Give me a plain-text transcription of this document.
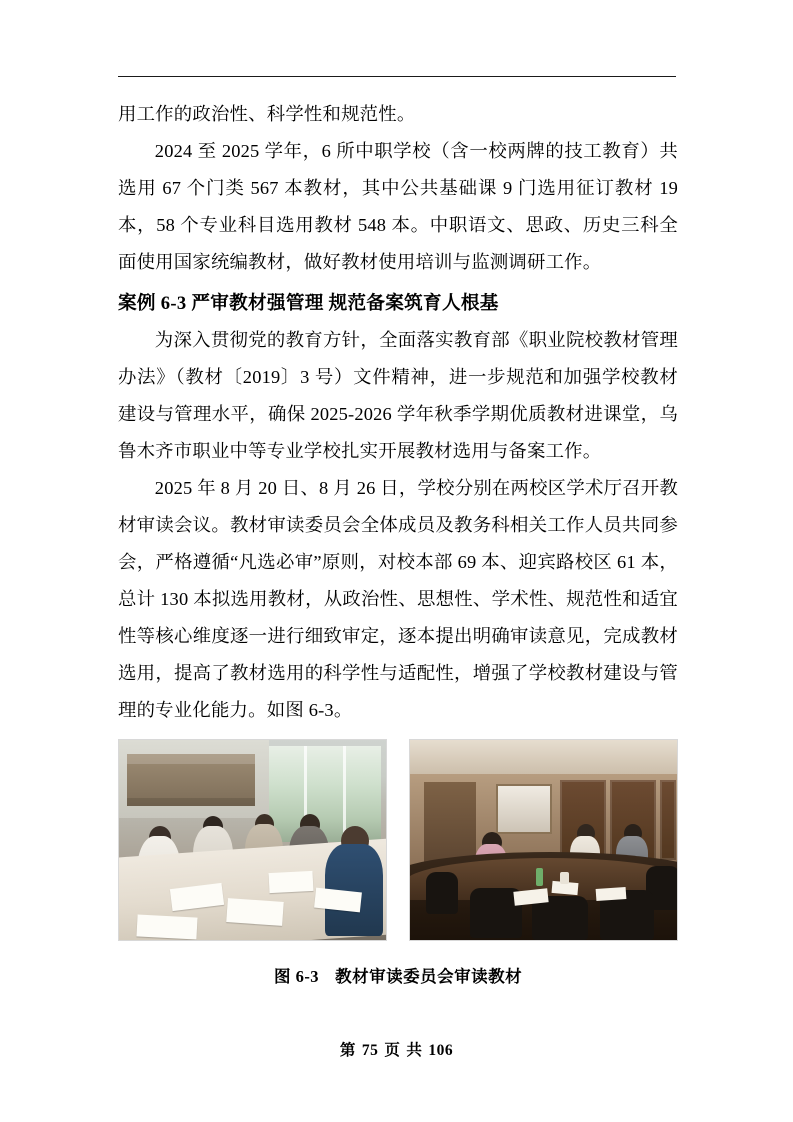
用工作的政治性、科学性和规范性。

2024 至 2025 学年，6 所中职学校（含一校两牌的技工教育）共选用 67 个门类 567 本教材，其中公共基础课 9 门选用征订教材 19 本，58 个专业科目选用教材 548 本。中职语文、思政、历史三科全面使用国家统编教材，做好教材使用培训与监测调研工作。

案例 6-3 严审教材强管理 规范备案筑育人根基

为深入贯彻党的教育方针，全面落实教育部《职业院校教材管理办法》（教材〔2019〕3 号）文件精神，进一步规范和加强学校教材建设与管理水平，确保 2025-2026 学年秋季学期优质教材进课堂，乌鲁木齐市职业中等专业学校扎实开展教材选用与备案工作。

2025 年 8 月 20 日、8 月 26 日，学校分别在两校区学术厅召开教材审读会议。教材审读委员会全体成员及教务科相关工作人员共同参会，严格遵循“凡选必审”原则，对校本部 69 本、迎宾路校区 61 本，总计 130 本拟选用教材，从政治性、思想性、学术性、规范性和适宜性等核心维度逐一进行细致审定，逐本提出明确审读意见，完成教材选用，提高了教材选用的科学性与适配性，增强了学校教材建设与管理的专业化能力。如图 6-3。

图 6-3 教材审读委员会审读教材
第 75 页 共 106
